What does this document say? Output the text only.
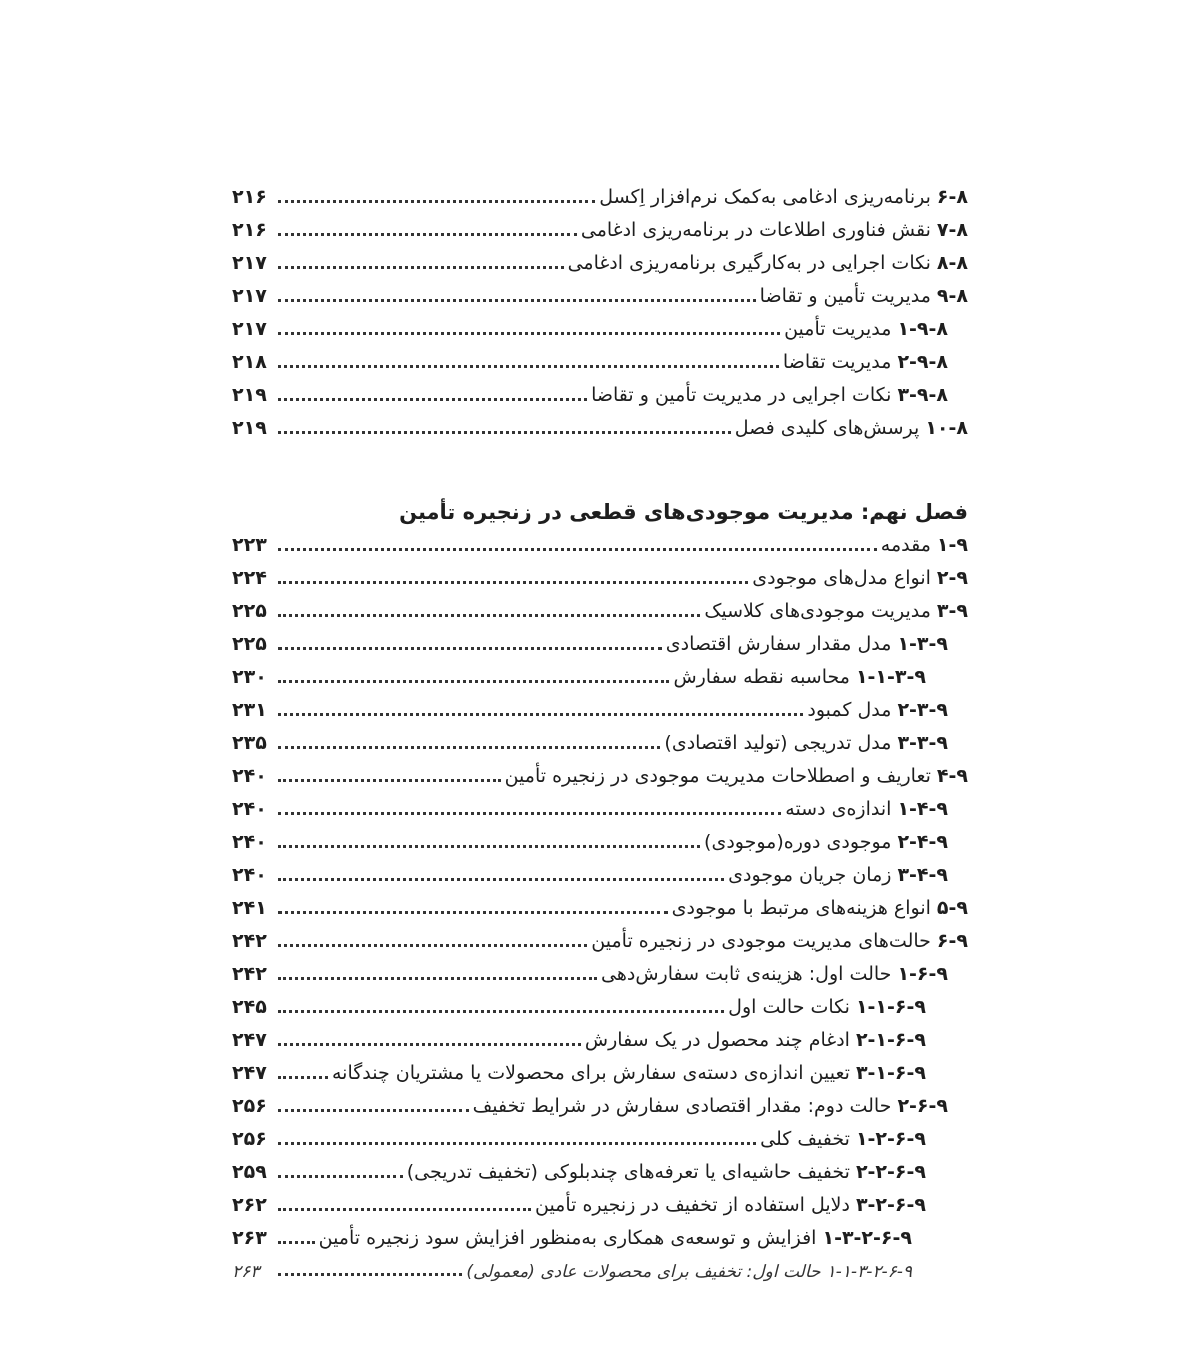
۶-۸
برنامه‌ریزی ادغامی به‌کمک نرم‌افزار اِکسل
۲۱۶
۷-۸
نقش فناوری اطلاعات در برنامه‌ریزی ادغامی
۲۱۶
۸-۸
نکات اجرایی در به‌کارگیری برنامه‌ریزی ادغامی
۲۱۷
۹-۸
مدیریت تأمین و تقاضا
۲۱۷
۱-۹-۸
مدیریت تأمین
۲۱۷
۲-۹-۸
مدیریت تقاضا
۲۱۸
۳-۹-۸
نکات اجرایی در مدیریت تأمین و تقاضا
۲۱۹
۱۰-۸
پرسش‌های کلیدی فصل
۲۱۹
فصل نهم: مدیریت موجودی‌های قطعی در زنجیره تأمین
۱-۹
مقدمه
۲۲۳
۲-۹
انواع مدل‌های موجودی
۲۲۴
۳-۹
مدیریت موجودی‌های کلاسیک
۲۲۵
۱-۳-۹
مدل مقدار سفارش اقتصادی
۲۲۵
۱-۱-۳-۹
محاسبه نقطه سفارش
۲۳۰
۲-۳-۹
مدل کمبود
۲۳۱
۳-۳-۹
مدل تدریجی (تولید اقتصادی)
۲۳۵
۴-۹
تعاریف و اصطلاحات مدیریت موجودی در زنجیره تأمین
۲۴۰
۱-۴-۹
اندازه‌ی دسته
۲۴۰
۲-۴-۹
موجودی دوره(موجودی)
۲۴۰
۳-۴-۹
زمان جریان موجودی
۲۴۰
۵-۹
انواع هزینه‌های مرتبط با موجودی
۲۴۱
۶-۹
حالت‌های مدیریت موجودی در زنجیره تأمین
۲۴۲
۱-۶-۹
حالت اول: هزینه‌ی ثابت سفارش‌دهی
۲۴۲
۱-۱-۶-۹
نکات حالت اول
۲۴۵
۲-۱-۶-۹
ادغام چند محصول در یک سفارش
۲۴۷
۳-۱-۶-۹
تعیین اندازه‌ی دسته‌ی سفارش برای محصولات یا مشتریان چندگانه
۲۴۷
۲-۶-۹
حالت دوم: مقدار اقتصادی سفارش در شرایط تخفیف
۲۵۶
۱-۲-۶-۹
تخفیف کلی
۲۵۶
۲-۲-۶-۹
تخفیف حاشیه‌ای یا تعرفه‌های چندبلوکی (تخفیف تدریجی)
۲۵۹
۳-۲-۶-۹
دلایل استفاده از تخفیف در زنجیره تأمین
۲۶۲
۱-۳-۲-۶-۹
افزایش و توسعه‌ی همکاری به‌منظور افزایش سود زنجیره تأمین
۲۶۳
۱-۱-۳-۲-۶-۹
حالت اول: تخفیف برای محصولات عادی (معمولی)
۲۶۳
